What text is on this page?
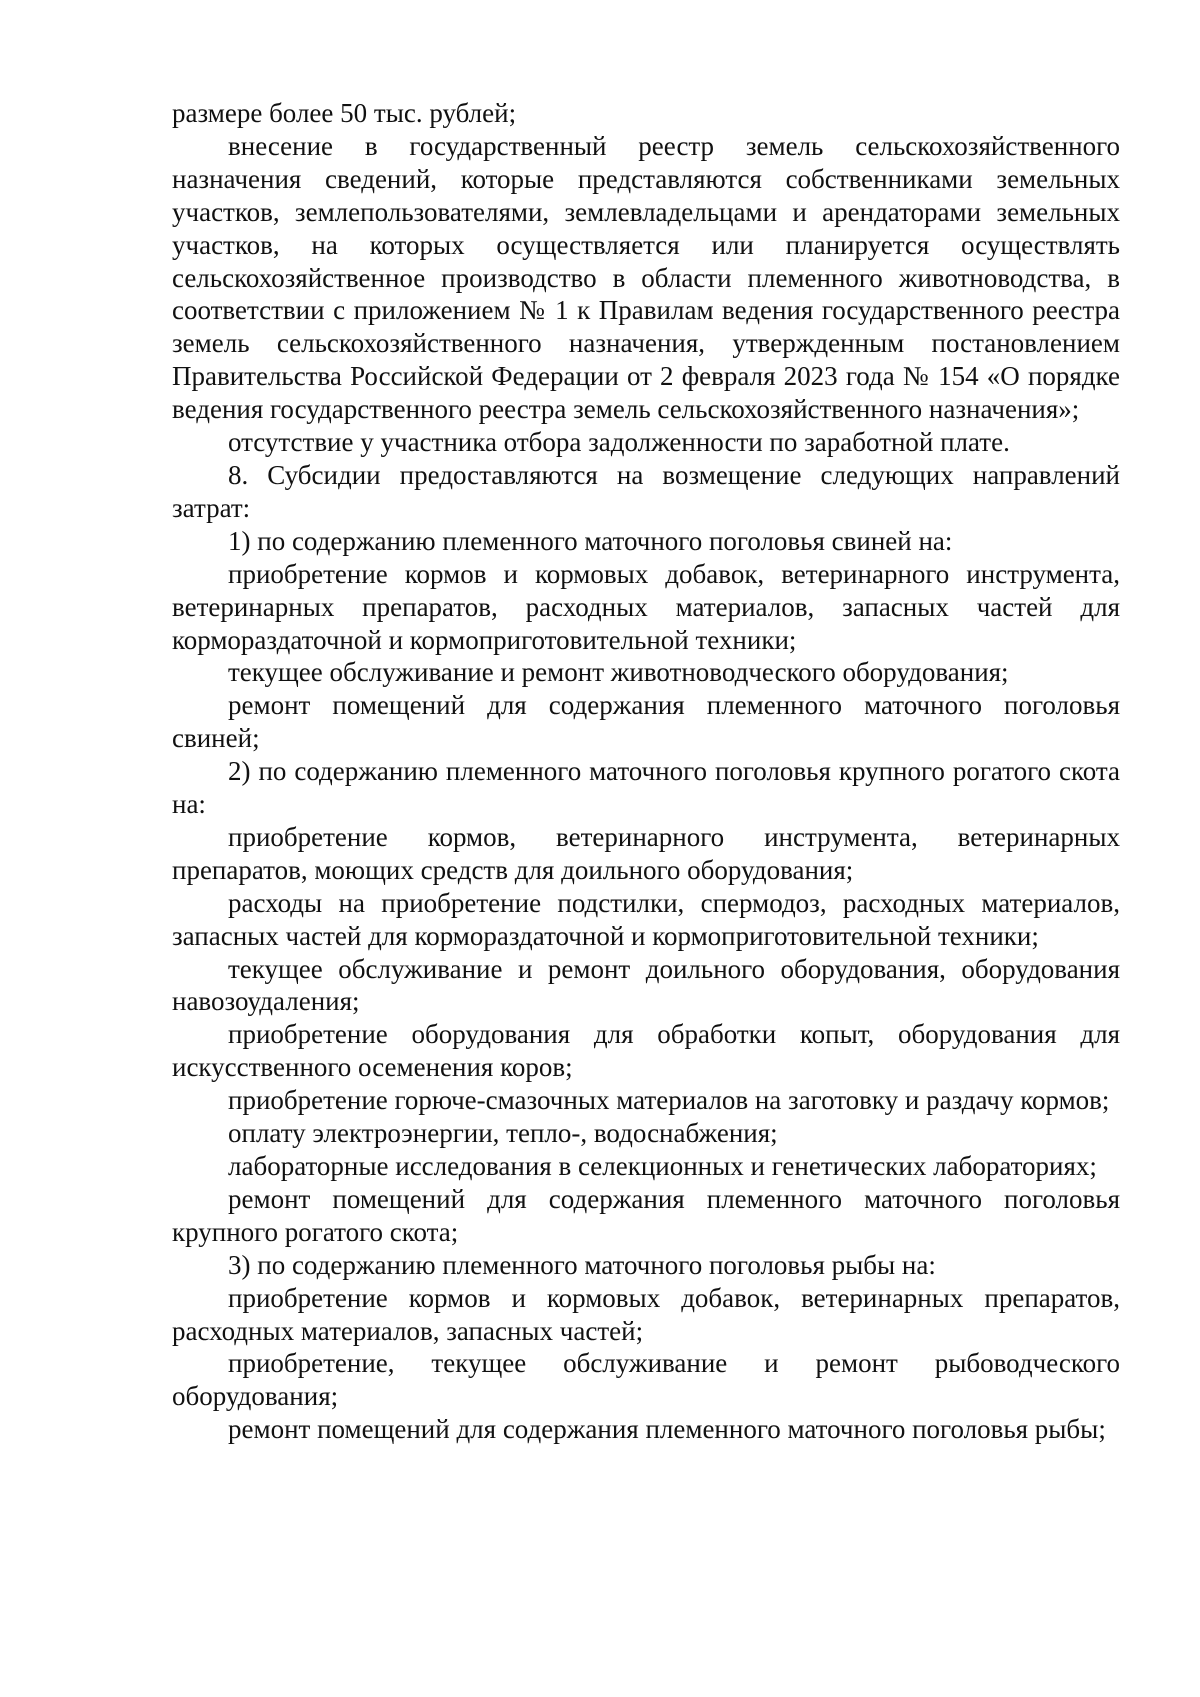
размере более 50 тыс. рублей;

внесение в государственный реестр земель сельскохозяйственного назначения сведений, которые представляются собственниками земельных участков, землепользователями, землевладельцами и арендаторами земельных участков, на которых осуществляется или планируется осуществлять сельскохозяйственное производство в области племенного животноводства, в соответствии с приложением № 1 к Правилам ведения государственного реестра земель сельскохозяйственного назначения, утвержденным постановлением Правительства Российской Федерации от 2 февраля 2023 года № 154 «О порядке ведения государственного реестра земель сельскохозяйственного назначения»;

отсутствие у участника отбора задолженности по заработной плате.

8. Субсидии предоставляются на возмещение следующих направлений затрат:

1) по содержанию племенного маточного поголовья свиней на:

приобретение кормов и кормовых добавок, ветеринарного инструмента, ветеринарных препаратов, расходных материалов, запасных частей для кормораздаточной и кормоприготовительной техники;

текущее обслуживание и ремонт животноводческого оборудования;

ремонт помещений для содержания племенного маточного поголовья свиней;

2) по содержанию племенного маточного поголовья крупного рогатого скота на:

приобретение кормов, ветеринарного инструмента, ветеринарных препаратов, моющих средств для доильного оборудования;

расходы на приобретение подстилки, спермодоз, расходных материалов, запасных частей для кормораздаточной и кормоприготовительной техники;

текущее обслуживание и ремонт доильного оборудования, оборудования навозоудаления;

приобретение оборудования для обработки копыт, оборудования для искусственного осеменения коров;

приобретение горюче-смазочных материалов на заготовку и раздачу кормов;

оплату электроэнергии, тепло-, водоснабжения;

лабораторные исследования в селекционных и генетических лабораториях;

ремонт помещений для содержания племенного маточного поголовья крупного рогатого скота;

3) по содержанию племенного маточного поголовья рыбы на:

приобретение кормов и кормовых добавок, ветеринарных препаратов, расходных материалов, запасных частей;

приобретение, текущее обслуживание и ремонт рыбоводческого оборудования;

ремонт помещений для содержания племенного маточного поголовья рыбы;
